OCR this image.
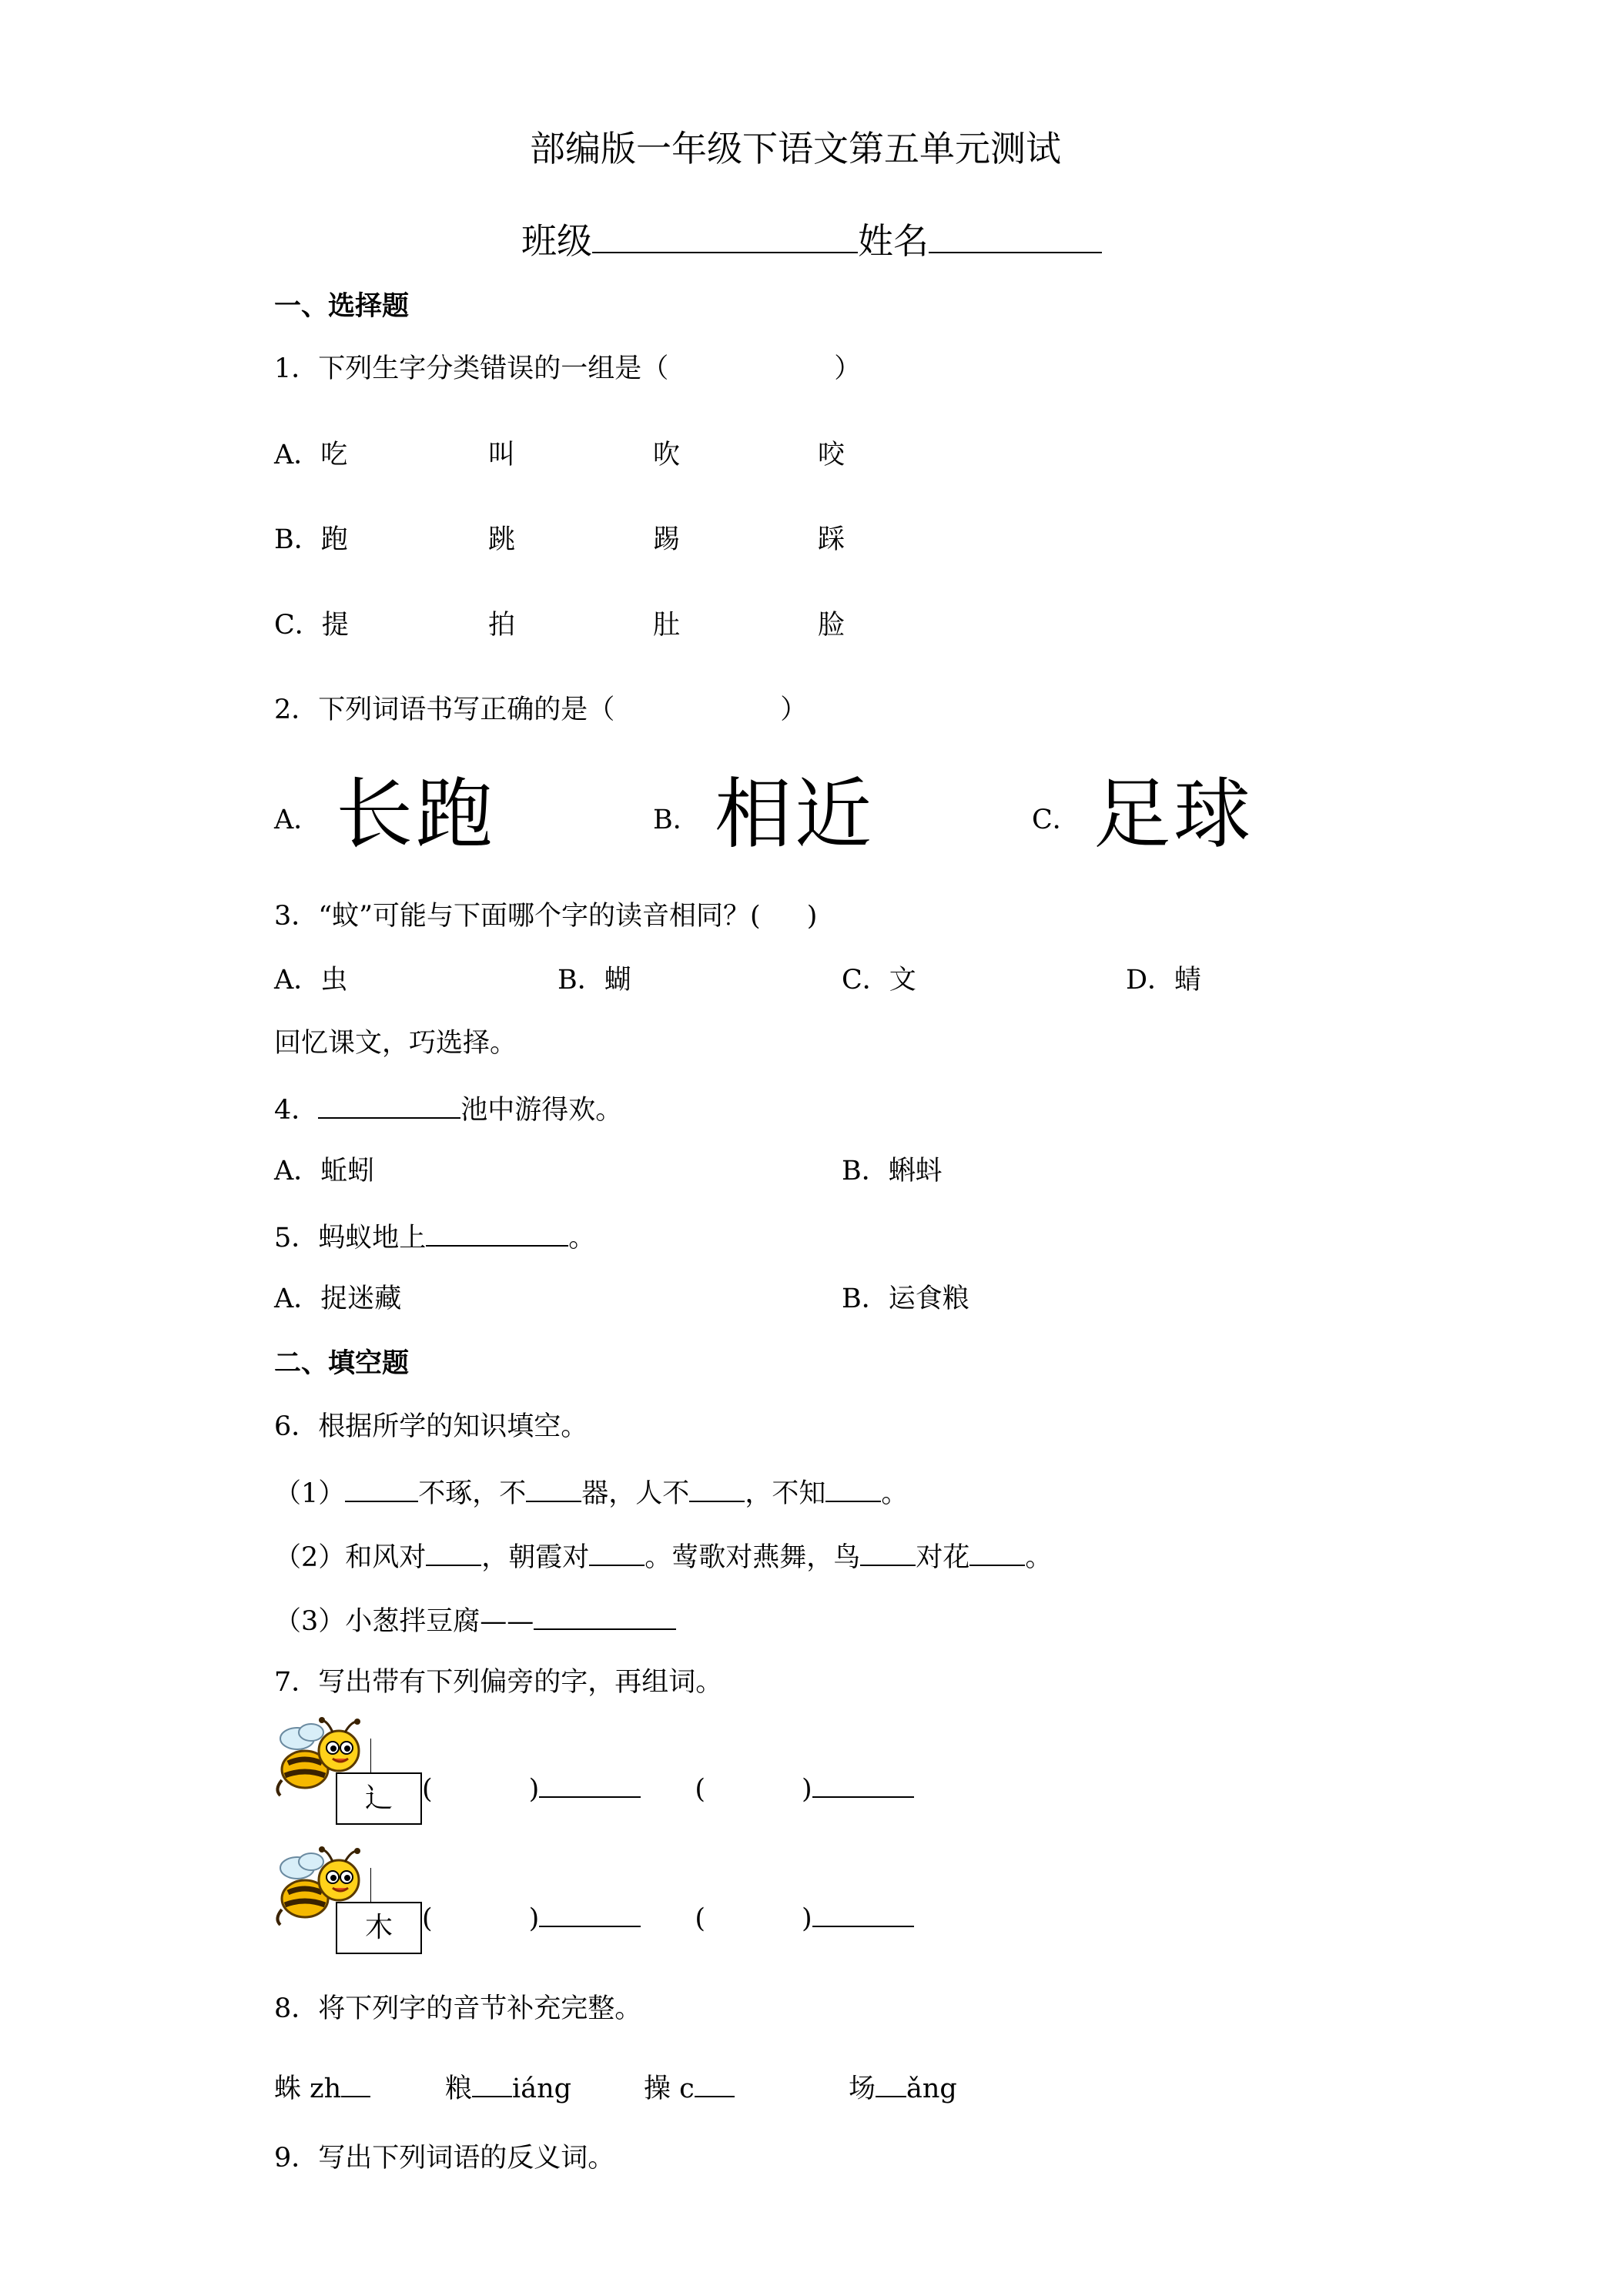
部编版一年级下语文第五单元测试
班级	姓名
一、选择题
1．下列生字分类错误的一组是（	）
A．吃	叫	吹	咬
B．跑	跳	踢	踩
C．提	拍	肚	脸
2．下列词语书写正确的是（	）
A． 长跑	B． 相近	C． 足球
3．“蚊”可能与下面哪个字的读音相同？( )
A．虫	B．蝴	C．文	D．蜻
回忆课文，巧选择。
4．	池中游得欢。
A．蚯蚓	B．蝌蚪
5．蚂蚁地上	。
A．捉迷藏	B．运食粮
二、填空题
6．根据所学的知识填空。
（1）	不琢，不 器，人不 ，不知 。
（2）和风对 ，朝霞对 。莺歌对燕舞，鸟 对花 。
（3）小葱拌豆腐——
7．写出带有下列偏旁的字，再组词。
辶	(	)	(	)
木	(	)	(	)
8．将下列字的音节补充完整。
蛛 zh	粮 iáng	操 c	场 ǎng
9．写出下列词语的反义词。
